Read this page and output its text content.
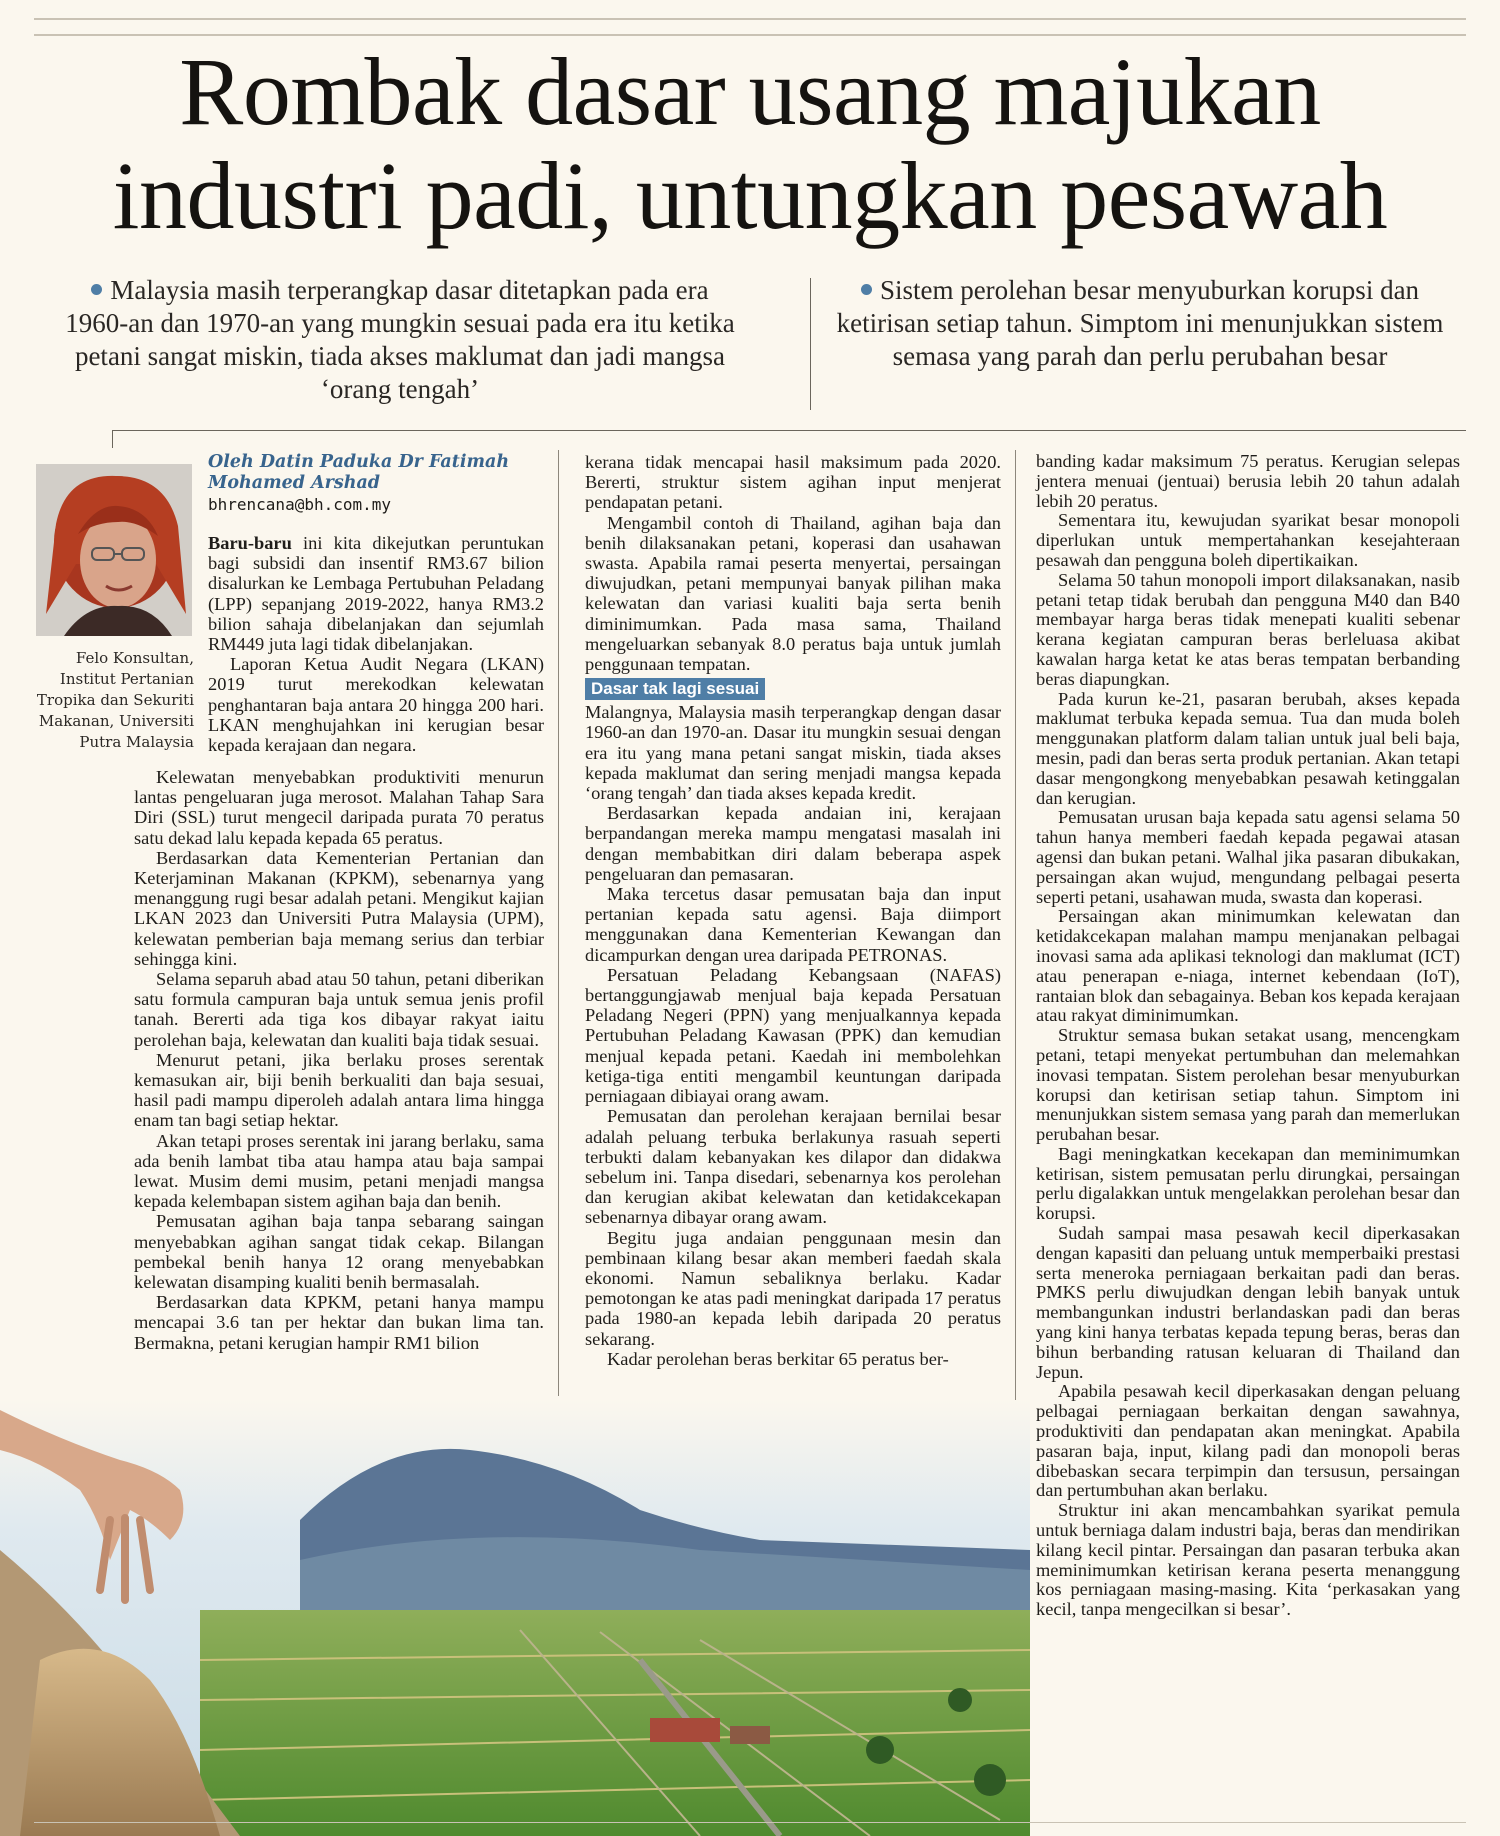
Rombak dasar usang majukan
industri padi, untungkan pesawah
Malaysia masih terperangkap dasar ditetapkan pada era 1960-an dan 1970-an yang mungkin sesuai pada era itu ketika petani sangat miskin, tiada akses maklumat dan jadi mangsa ‘orang tengah’
Sistem perolehan besar menyuburkan korupsi dan ketirisan setiap tahun. Simptom ini menunjukkan sistem semasa yang parah dan perlu perubahan besar
Felo Konsultan, Institut Pertanian Tropika dan Sekuriti Makanan, Universiti Putra Malaysia
Oleh Datin Paduka Dr Fatimah
Mohamed Arshad
bhrencana@bh.com.my

Baru-baru ini kita dikejutkan peruntukan bagi subsidi dan insentif RM3.67 bilion disalurkan ke Lembaga Pertubuhan Peladang (LPP) sepanjang 2019-2022, hanya RM3.2 bilion sahaja dibelanjakan dan sejumlah RM449 juta lagi tidak dibelanjakan.

Laporan Ketua Audit Negara (LKAN) 2019 turut merekodkan kelewatan penghantaran baja antara 20 hingga 200 hari. LKAN menghujahkan ini kerugian besar kepada kerajaan dan negara.

Kelewatan menyebabkan produktiviti menurun lantas pengeluaran juga merosot. Malahan Tahap Sara Diri (SSL) turut mengecil daripada purata 70 peratus satu dekad lalu kepada kepada 65 peratus.

Berdasarkan data Kementerian Pertanian dan Keterjaminan Makanan (KPKM), sebenarnya yang menanggung rugi besar adalah petani. Mengikut kajian LKAN 2023 dan Universiti Putra Malaysia (UPM), kelewatan pemberian baja memang serius dan terbiar sehingga kini.

Selama separuh abad atau 50 tahun, petani diberikan satu formula campuran baja untuk semua jenis profil tanah. Bererti ada tiga kos dibayar rakyat iaitu perolehan baja, kelewatan dan kualiti baja tidak sesuai.

Menurut petani, jika berlaku proses serentak kemasukan air, biji benih berkualiti dan baja sesuai, hasil padi mampu diperoleh adalah antara lima hingga enam tan bagi setiap hektar.

Akan tetapi proses serentak ini jarang berlaku, sama ada benih lambat tiba atau hampa atau baja sampai lewat. Musim demi musim, petani menjadi mangsa kepada kelembapan sistem agihan baja dan benih.

Pemusatan agihan baja tanpa sebarang saingan menyebabkan agihan sangat tidak cekap. Bilangan pembekal benih hanya 12 orang menyebabkan kelewatan disamping kualiti benih bermasalah.

Berdasarkan data KPKM, petani hanya mampu mencapai 3.6 tan per hektar dan bukan lima tan. Bermakna, petani kerugian hampir RM1 bilion

kerana tidak mencapai hasil maksimum pada 2020. Bererti, struktur sistem agihan input menjerat pendapatan petani.

Mengambil contoh di Thailand, agihan baja dan benih dilaksanakan petani, koperasi dan usahawan swasta. Apabila ramai peserta menyertai, persaingan diwujudkan, petani mempunyai banyak pilihan maka kelewatan dan variasi kualiti baja serta benih diminimumkan. Pada masa sama, Thailand mengeluarkan sebanyak 8.0 peratus baja untuk jumlah penggunaan tempatan.

Dasar tak lagi sesuai

Malangnya, Malaysia masih terperangkap dengan dasar 1960-an dan 1970-an. Dasar itu mungkin sesuai dengan era itu yang mana petani sangat miskin, tiada akses kepada maklumat dan sering menjadi mangsa kepada ‘orang tengah’ dan tiada akses kepada kredit.

Berdasarkan kepada andaian ini, kerajaan berpandangan mereka mampu mengatasi masalah ini dengan membabitkan diri dalam beberapa aspek pengeluaran dan pemasaran.

Maka tercetus dasar pemusatan baja dan input pertanian kepada satu agensi. Baja diimport menggunakan dana Kementerian Kewangan dan dicampurkan dengan urea daripada PETRONAS.

Persatuan Peladang Kebangsaan (NAFAS) bertanggungjawab menjual baja kepada Persatuan Peladang Negeri (PPN) yang menjualkannya kepada Pertubuhan Peladang Kawasan (PPK) dan kemudian menjual kepada petani. Kaedah ini membolehkan ketiga-tiga entiti mengambil keuntungan daripada perniagaan dibiayai orang awam.

Pemusatan dan perolehan kerajaan bernilai besar adalah peluang terbuka berlakunya rasuah seperti terbukti dalam kebanyakan kes dilapor dan didakwa sebelum ini. Tanpa disedari, sebenarnya kos perolehan dan kerugian akibat kelewatan dan ketidakcekapan sebenarnya dibayar orang awam.

Begitu juga andaian penggunaan mesin dan pembinaan kilang besar akan memberi faedah skala ekonomi. Namun sebaliknya berlaku. Kadar pemotongan ke atas padi meningkat daripada 17 peratus pada 1980-an kepada lebih daripada 20 peratus sekarang.

Kadar perolehan beras berkitar 65 peratus ber-

banding kadar maksimum 75 peratus. Kerugian selepas jentera menuai (jentuai) berusia lebih 20 tahun adalah lebih 20 peratus.

Sementara itu, kewujudan syarikat besar monopoli diperlukan untuk mempertahankan kesejahteraan pesawah dan pengguna boleh dipertikaikan.

Selama 50 tahun monopoli import dilaksanakan, nasib petani tetap tidak berubah dan pengguna M40 dan B40 membayar harga beras tidak menepati kualiti sebenar kerana kegiatan campuran beras berleluasa akibat kawalan harga ketat ke atas beras tempatan berbanding beras diapungkan.

Pada kurun ke-21, pasaran berubah, akses kepada maklumat terbuka kepada semua. Tua dan muda boleh menggunakan platform dalam talian untuk jual beli baja, mesin, padi dan beras serta produk pertanian. Akan tetapi dasar mengongkong menyebabkan pesawah ketinggalan dan kerugian.

Pemusatan urusan baja kepada satu agensi selama 50 tahun hanya memberi faedah kepada pegawai atasan agensi dan bukan petani. Walhal jika pasaran dibukakan, persaingan akan wujud, mengundang pelbagai peserta seperti petani, usahawan muda, swasta dan koperasi.

Persaingan akan minimumkan kelewatan dan ketidakcekapan malahan mampu menjanakan pelbagai inovasi sama ada aplikasi teknologi dan maklumat (ICT) atau penerapan e-niaga, internet kebendaan (IoT), rantaian blok dan sebagainya. Beban kos kepada kerajaan atau rakyat diminimumkan.

Struktur semasa bukan setakat usang, mencengkam petani, tetapi menyekat pertumbuhan dan melemahkan inovasi tempatan. Sistem perolehan besar menyuburkan korupsi dan ketirisan setiap tahun. Simptom ini menunjukkan sistem semasa yang parah dan memerlukan perubahan besar.

Bagi meningkatkan kecekapan dan meminimumkan ketirisan, sistem pemusatan perlu dirungkai, persaingan perlu digalakkan untuk mengelakkan perolehan besar dan korupsi.

Sudah sampai masa pesawah kecil diperkasakan dengan kapasiti dan peluang untuk memperbaiki prestasi serta meneroka perniagaan berkaitan padi dan beras. PMKS perlu diwujudkan dengan lebih banyak untuk membangunkan industri berlandaskan padi dan beras yang kini hanya terbatas kepada tepung beras, beras dan bihun berbanding ratusan keluaran di Thailand dan Jepun.

Apabila pesawah kecil diperkasakan dengan peluang pelbagai perniagaan berkaitan dengan sawahnya, produktiviti dan pendapatan akan meningkat. Apabila pasaran baja, input, kilang padi dan monopoli beras dibebaskan secara terpimpin dan tersusun, persaingan dan pertumbuhan akan berlaku.

Struktur ini akan mencambahkan syarikat pemula untuk berniaga dalam industri baja, beras dan mendirikan kilang kecil pintar. Persaingan dan pasaran terbuka akan meminimumkan ketirisan kerana peserta menanggung kos perniagaan masing-masing. Kita ‘perkasakan yang kecil, tanpa mengecilkan si besar’.
